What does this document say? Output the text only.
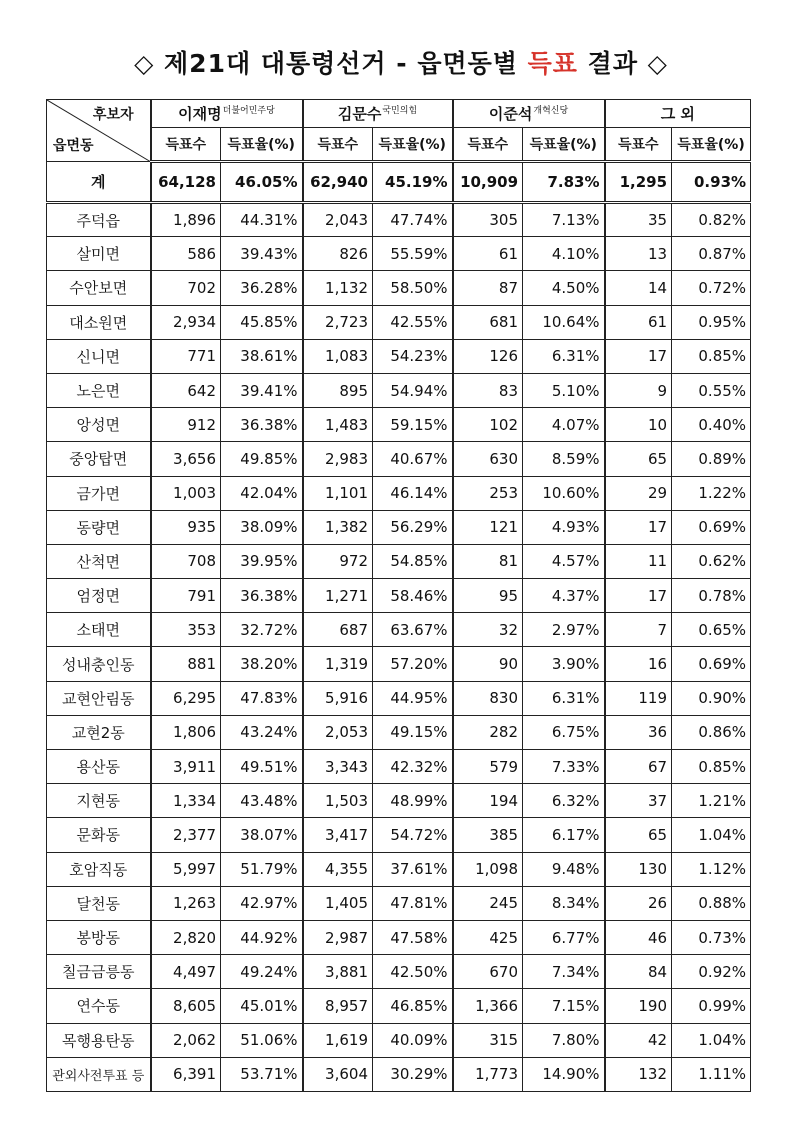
◇ 제21대 대통령선거 - 읍면동별 득표 결과 ◇
후보자
읍면동	이재명$^{더불어민주당}$		김문수$^{국민의힘}$		이준석$^{개혁신당}$		그 외	
	득표수	득표율(%)	득표수	득표율(%)	득표수	득표율(%)	득표수	득표율(%)
계	64,128	46.05%	62,940	45.19%	10,909	7.83%	1,295	0.93%
주덕읍	1,896	44.31%	2,043	47.74%	305	7.13%	35	0.82%
살미면	586	39.43%	826	55.59%	61	4.10%	13	0.87%
수안보면	702	36.28%	1,132	58.50%	87	4.50%	14	0.72%
대소원면	2,934	45.85%	2,723	42.55%	681	10.64%	61	0.95%
신니면	771	38.61%	1,083	54.23%	126	6.31%	17	0.85%
노은면	642	39.41%	895	54.94%	83	5.10%	9	0.55%
앙성면	912	36.38%	1,483	59.15%	102	4.07%	10	0.40%
중앙탑면	3,656	49.85%	2,983	40.67%	630	8.59%	65	0.89%
금가면	1,003	42.04%	1,101	46.14%	253	10.60%	29	1.22%
동량면	935	38.09%	1,382	56.29%	121	4.93%	17	0.69%
산척면	708	39.95%	972	54.85%	81	4.57%	11	0.62%
엄정면	791	36.38%	1,271	58.46%	95	4.37%	17	0.78%
소태면	353	32.72%	687	63.67%	32	2.97%	7	0.65%
성내충인동	881	38.20%	1,319	57.20%	90	3.90%	16	0.69%
교현안림동	6,295	47.83%	5,916	44.95%	830	6.31%	119	0.90%
교현2동	1,806	43.24%	2,053	49.15%	282	6.75%	36	0.86%
용산동	3,911	49.51%	3,343	42.32%	579	7.33%	67	0.85%
지현동	1,334	43.48%	1,503	48.99%	194	6.32%	37	1.21%
문화동	2,377	38.07%	3,417	54.72%	385	6.17%	65	1.04%
호암직동	5,997	51.79%	4,355	37.61%	1,098	9.48%	130	1.12%
달천동	1,263	42.97%	1,405	47.81%	245	8.34%	26	0.88%
봉방동	2,820	44.92%	2,987	47.58%	425	6.77%	46	0.73%
칠금금릉동	4,497	49.24%	3,881	42.50%	670	7.34%	84	0.92%
연수동	8,605	45.01%	8,957	46.85%	1,366	7.15%	190	0.99%
목행용탄동	2,062	51.06%	1,619	40.09%	315	7.80%	42	1.04%
관외사전투표 등	6,391	53.71%	3,604	30.29%	1,773	14.90%	132	1.11%
